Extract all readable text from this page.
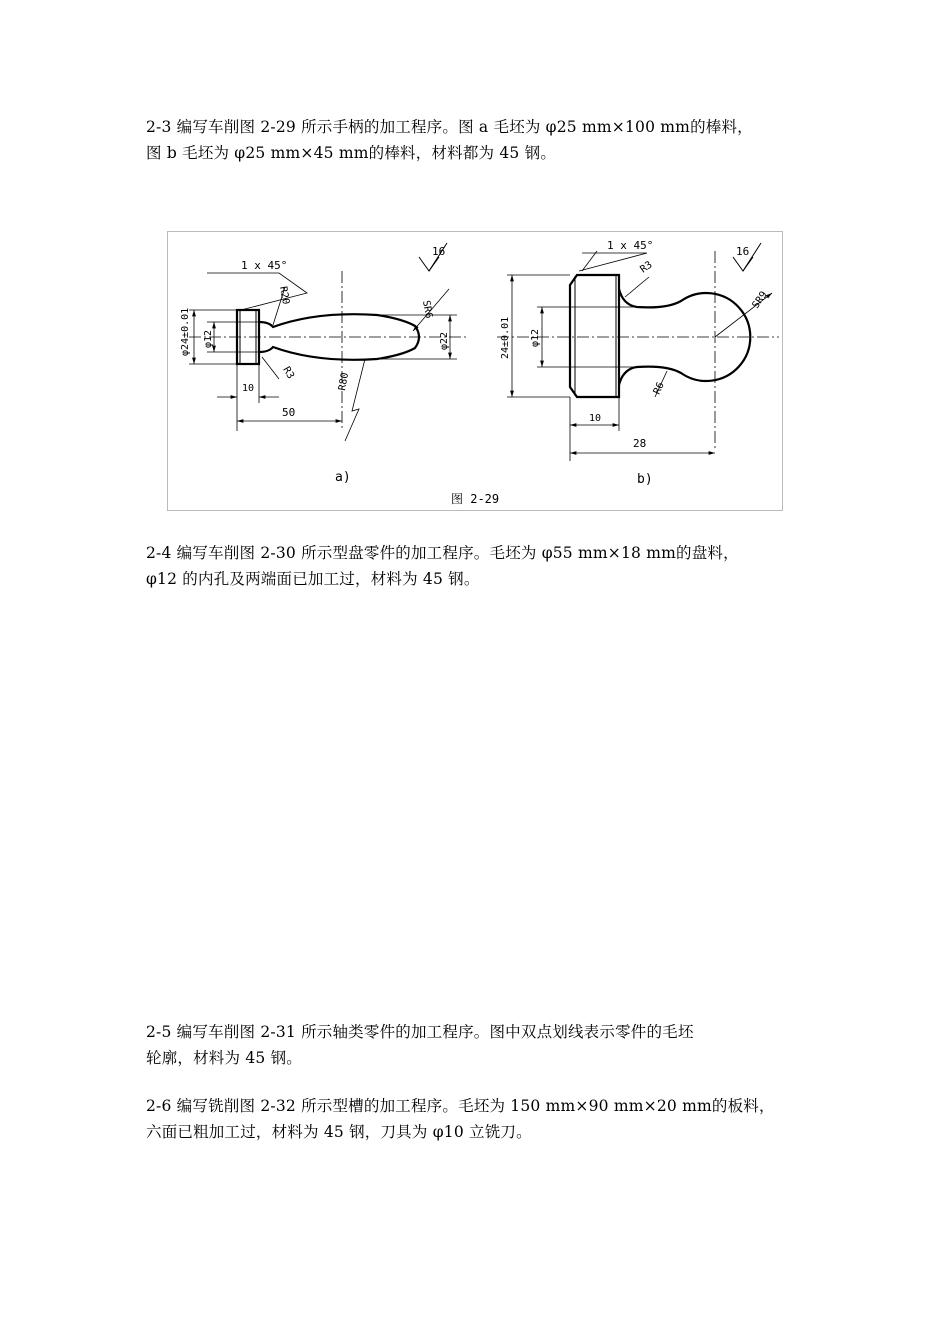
2-3 编写车削图 2-29 所示手柄的加工程序。图 a 毛坯为 φ25 mm×100 mm的棒料，
图 b 毛坯为 φ25 mm×45 mm的棒料，材料都为 45 钢。
1 x 45°
16
φ24±0.01 φ12	φ22
R20
R3	R80
SR6
10
50
a)
1 x 45°	16
24±0.01 φ12
R3
R6
SR9
10
28
b)
图 2-29
2-4 编写车削图 2-30 所示型盘零件的加工程序。毛坯为 φ55 mm×18 mm的盘料，
φ12 的内孔及两端面已加工过，材料为 45 钢。
2-5 编写车削图 2-31 所示轴类零件的加工程序。图中双点划线表示零件的毛坯
轮廓，材料为 45 钢。
2-6 编写铣削图 2-32 所示型槽的加工程序。毛坯为 150 mm×90 mm×20 mm的板料，
六面已粗加工过，材料为 45 钢，刀具为 φ10 立铣刀。
